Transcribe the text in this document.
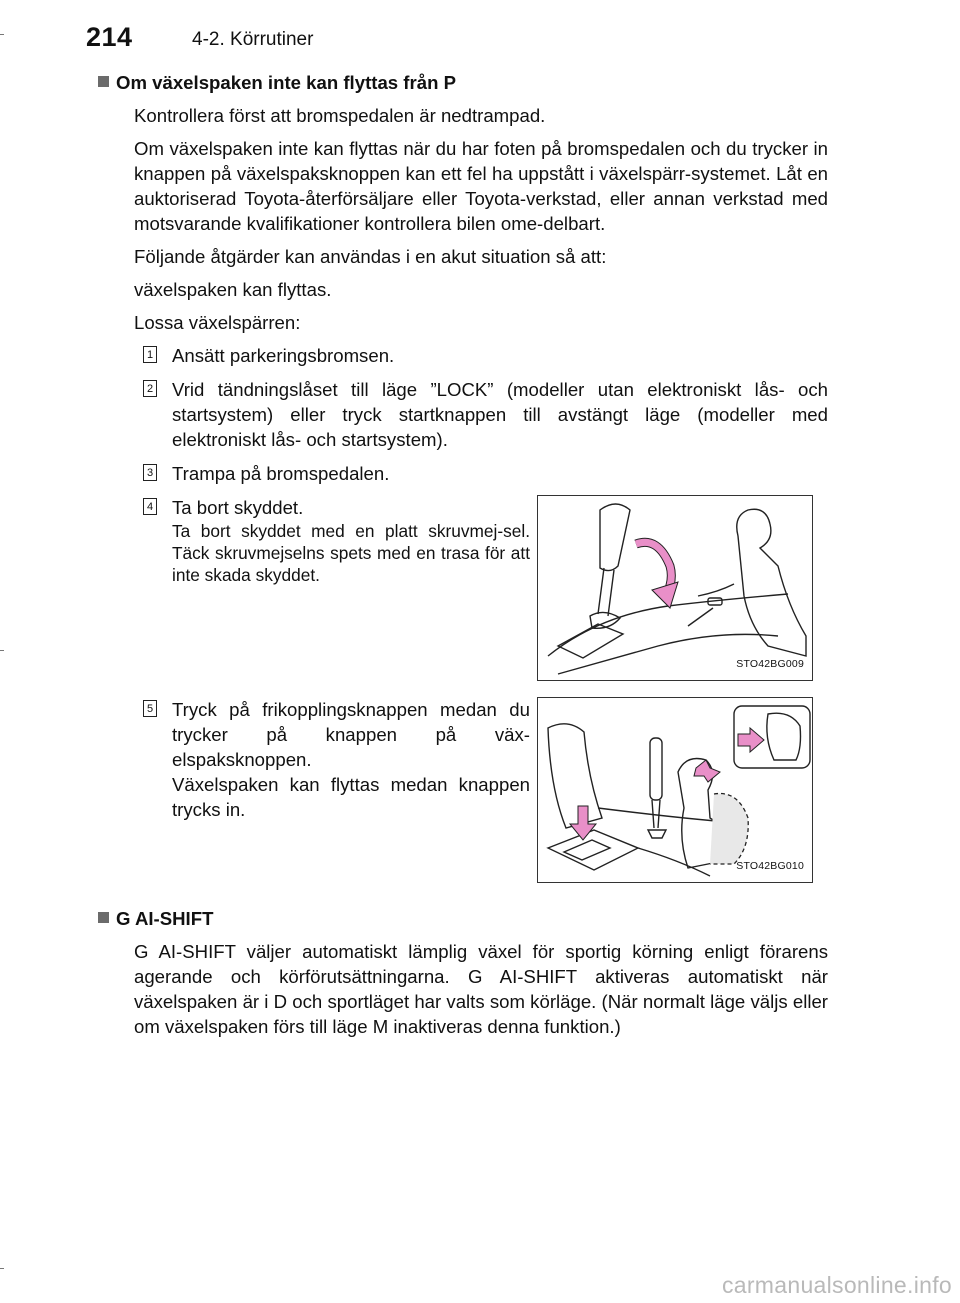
214	4-2. Körrutiner
Om växelspaken inte kan flyttas från P

Kontrollera först att bromspedalen är nedtrampad.

Om växelspaken inte kan flyttas när du har foten på bromspedalen och du trycker in knappen på växelspaksknoppen kan ett fel ha uppstått i växelspärr-systemet. Låt en auktoriserad Toyota-återförsäljare eller Toyota-verkstad, eller annan verkstad med motsvarande kvalifikationer kontrollera bilen ome-delbart.

Följande åtgärder kan användas i en akut situation så att:

växelspaken kan flyttas.

Lossa växelspärren:

1 Ansätt parkeringsbromsen.
2 Vrid tändningslåset till läge ”LOCK” (modeller utan elektroniskt lås- och startsystem) eller tryck startknappen till avstängt läge (modeller med elektroniskt lås- och startsystem).
3 Trampa på bromspedalen.
4 Ta bort skyddet.
Ta bort skyddet med en platt skruvmej-sel. Täck skruvmejselns spets med en trasa för att inte skada skyddet.
STO42BG009
5 Tryck på frikopplingsknappen medan du trycker på knappen på väx-elspaksknoppen.
Växelspaken kan flyttas medan knappen trycks in.
STO42BG010
G AI-SHIFT

G AI-SHIFT väljer automatiskt lämplig växel för sportig körning enligt förarens agerande och körförutsättningarna. G AI-SHIFT aktiveras automatiskt när växelspaken är i D och sportläget har valts som körläge. (När normalt läge väljs eller om växelspaken förs till läge M inaktiveras denna funktion.)

carmanualsonline.info
